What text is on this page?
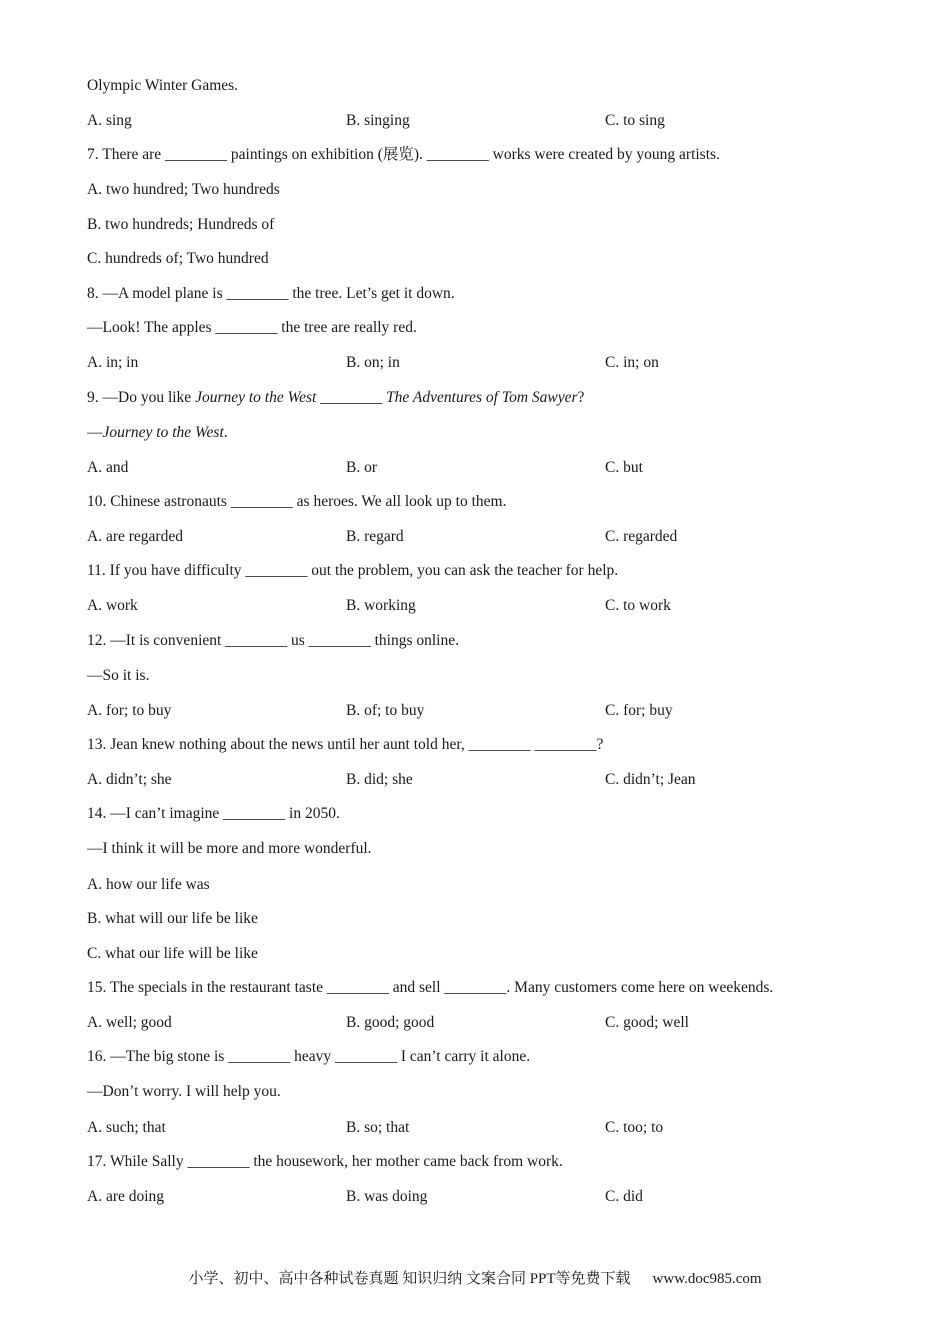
Olympic Winter Games.
A. sing	B. singing	C. to sing
7. There are ________ paintings on exhibition (展览). ________ works were created by young artists.
A. two hundred; Two hundreds
B. two hundreds; Hundreds of
C. hundreds of; Two hundred
8. —A model plane is ________ the tree. Let’s get it down.
—Look! The apples ________ the tree are really red.
A. in; in	B. on; in	C. in; on
9. —Do you like Journey to the West ________ The Adventures of Tom Sawyer?
—Journey to the West.
A. and	B. or	C. but
10. Chinese astronauts ________ as heroes. We all look up to them.
A. are regarded	B. regard	C. regarded
11. If you have difficulty ________ out the problem, you can ask the teacher for help.
A. work	B. working	C. to work
12. —It is convenient ________ us ________ things online.
—So it is.
A. for; to buy	B. of; to buy	C. for; buy
13. Jean knew nothing about the news until her aunt told her, ________ ________?
A. didn’t; she	B. did; she	C. didn’t; Jean
14. —I can’t imagine ________ in 2050.
—I think it will be more and more wonderful.
A. how our life was
B. what will our life be like
C. what our life will be like
15. The specials in the restaurant taste ________ and sell ________. Many customers come here on weekends.
A. well; good	B. good; good	C. good; well
16. —The big stone is ________ heavy ________ I can’t carry it alone.
—Don’t worry. I will help you.
A. such; that	B. so; that	C. too; to
17. While Sally ________ the housework, her mother came back from work.
A. are doing	B. was doing	C. did
小学、初中、高中各种试卷真题 知识归纳 文案合同 PPT等免费下载 www.doc985.com
